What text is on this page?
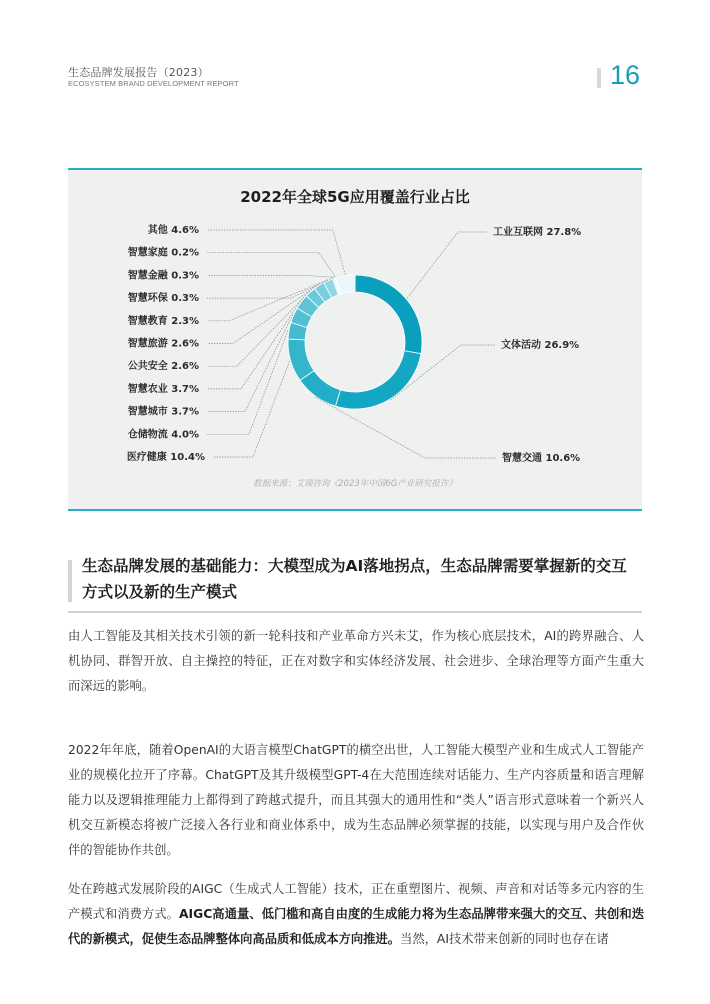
生态品牌发展报告（2023）
ECOSYSTEM BRAND DEVELOPMENT REPORT	16
2022年全球5G应用覆盖行业占比
工业互联网 27.8%
文体活动 26.9%
智慧交通 10.6%
其他 4.6%
智慧家庭 0.2%
智慧金融 0.3%
智慧环保 0.3%
智慧教育 2.3%
智慧旅游 2.6%
公共安全 2.6%
智慧农业 3.7%
智慧城市 3.7%
仓储物流 4.0%
医疗健康 10.4%
数据来源：艾瑞咨询《2023年中国6G产业研究报告》
生态品牌发展的基础能力：大模型成为AI落地拐点，生态品牌需要掌握新的交互方式以及新的生产模式
由人工智能及其相关技术引领的新一轮科技和产业革命方兴未艾，作为核心底层技术，AI的跨界融合、人机协同、群智开放、自主操控的特征，正在对数字和实体经济发展、社会进步、全球治理等方面产生重大而深远的影响。
2022年年底，随着OpenAI的大语言模型ChatGPT的横空出世，人工智能大模型产业和生成式人工智能产业的规模化拉开了序幕。ChatGPT及其升级模型GPT-4在大范围连续对话能力、生产内容质量和语言理解能力以及逻辑推理能力上都得到了跨越式提升，而且其强大的通用性和“类人”语言形式意味着一个新兴人机交互新模态将被广泛接入各行业和商业体系中，成为生态品牌必须掌握的技能，以实现与用户及合作伙伴的智能协作共创。
处在跨越式发展阶段的AIGC（生成式人工智能）技术，正在重塑图片、视频、声音和对话等多元内容的生产模式和消费方式。AIGC高通量、低门槛和高自由度的生成能力将为生态品牌带来强大的交互、共创和迭代的新模式，促使生态品牌整体向高品质和低成本方向推进。当然，AI技术带来创新的同时也存在诸
